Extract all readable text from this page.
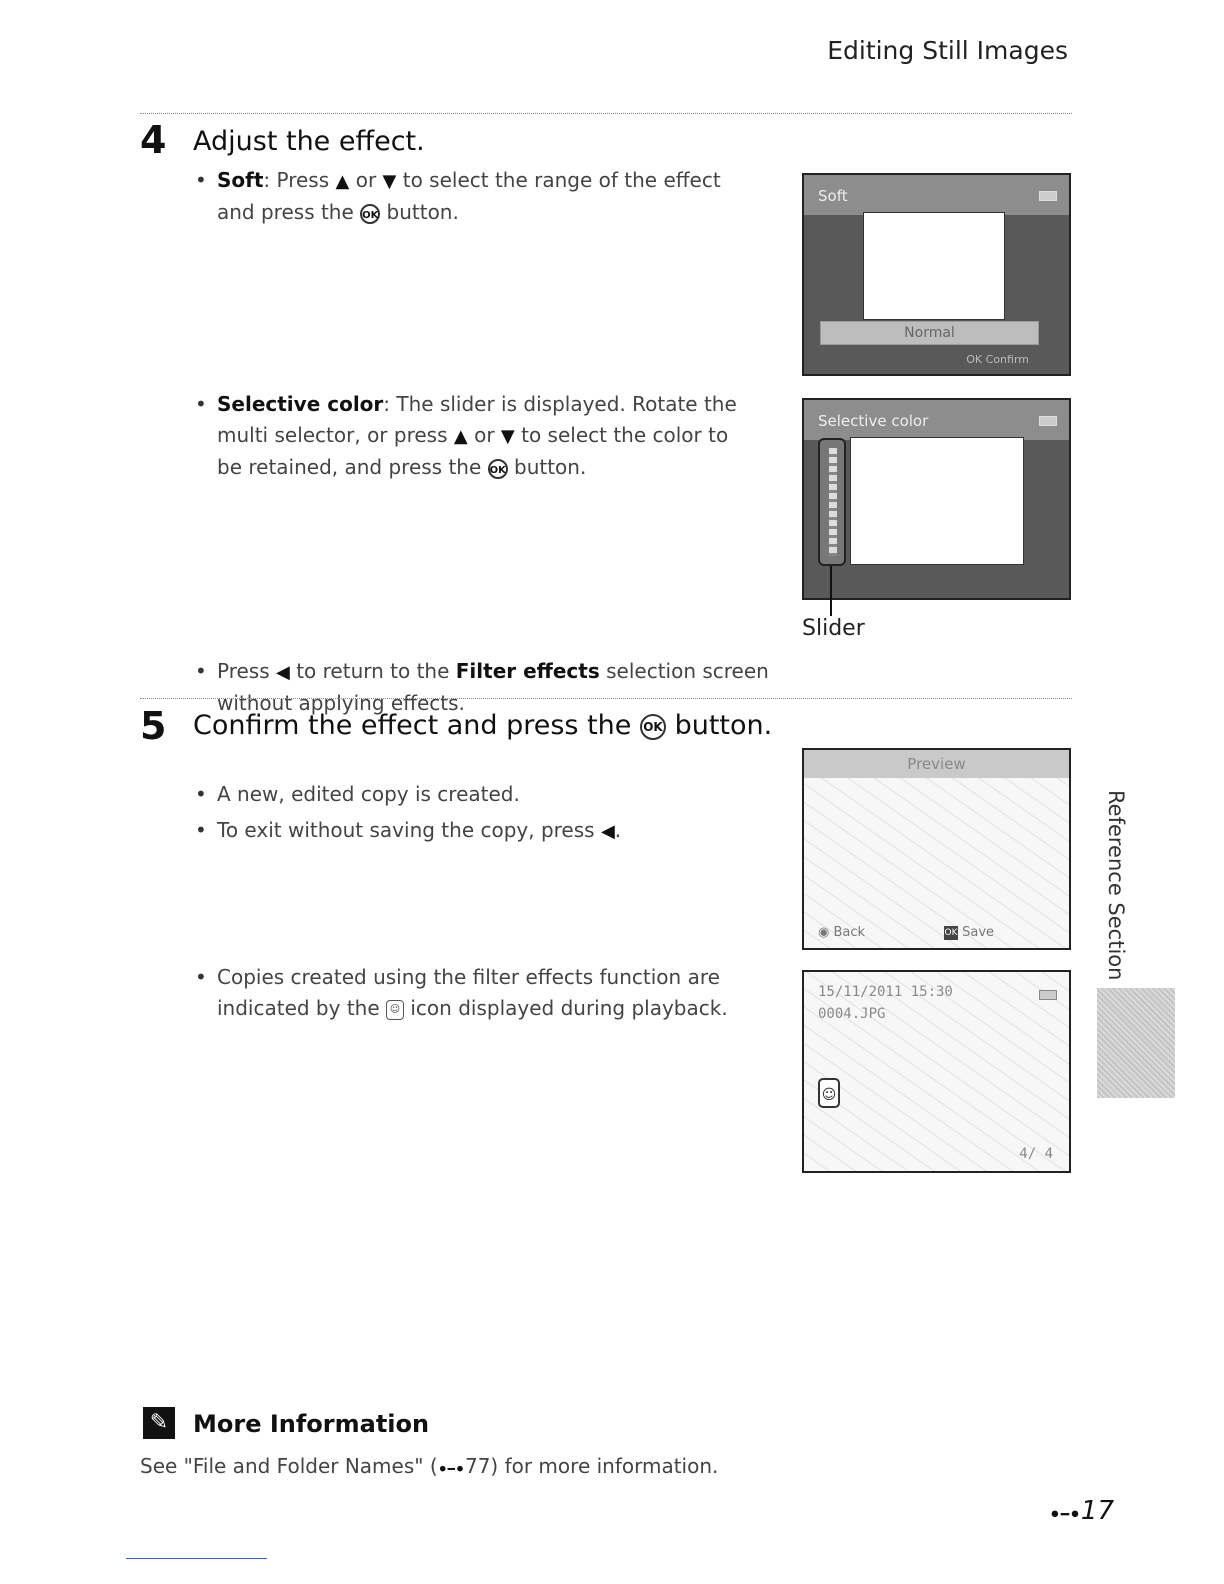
Editing Still Images
4 Adjust the effect.
• Soft: Press ▲ or ▼ to select the range of the effect and press the OK button.
• Selective color: The slider is displayed. Rotate the multi selector, or press ▲ or ▼ to select the color to be retained, and press the OK button.
• Press ◀ to return to the Filter effects selection screen without applying effects.
Soft
Normal
OK Confirm
Selective color
Slider
5 Confirm the effect and press the OK button.
• A new, edited copy is created.
• To exit without saving the copy, press ◀.
• Copies created using the filter effects function are indicated by the ☺ icon displayed during playback.
Preview
◉ Back	OK Save
15/11/2011 15:30
0004.JPG
☺
4/ 4
Reference Section
✎ More Information
See "File and Folder Names" (⚫━⚫77) for more information.
⚫━⚫17
